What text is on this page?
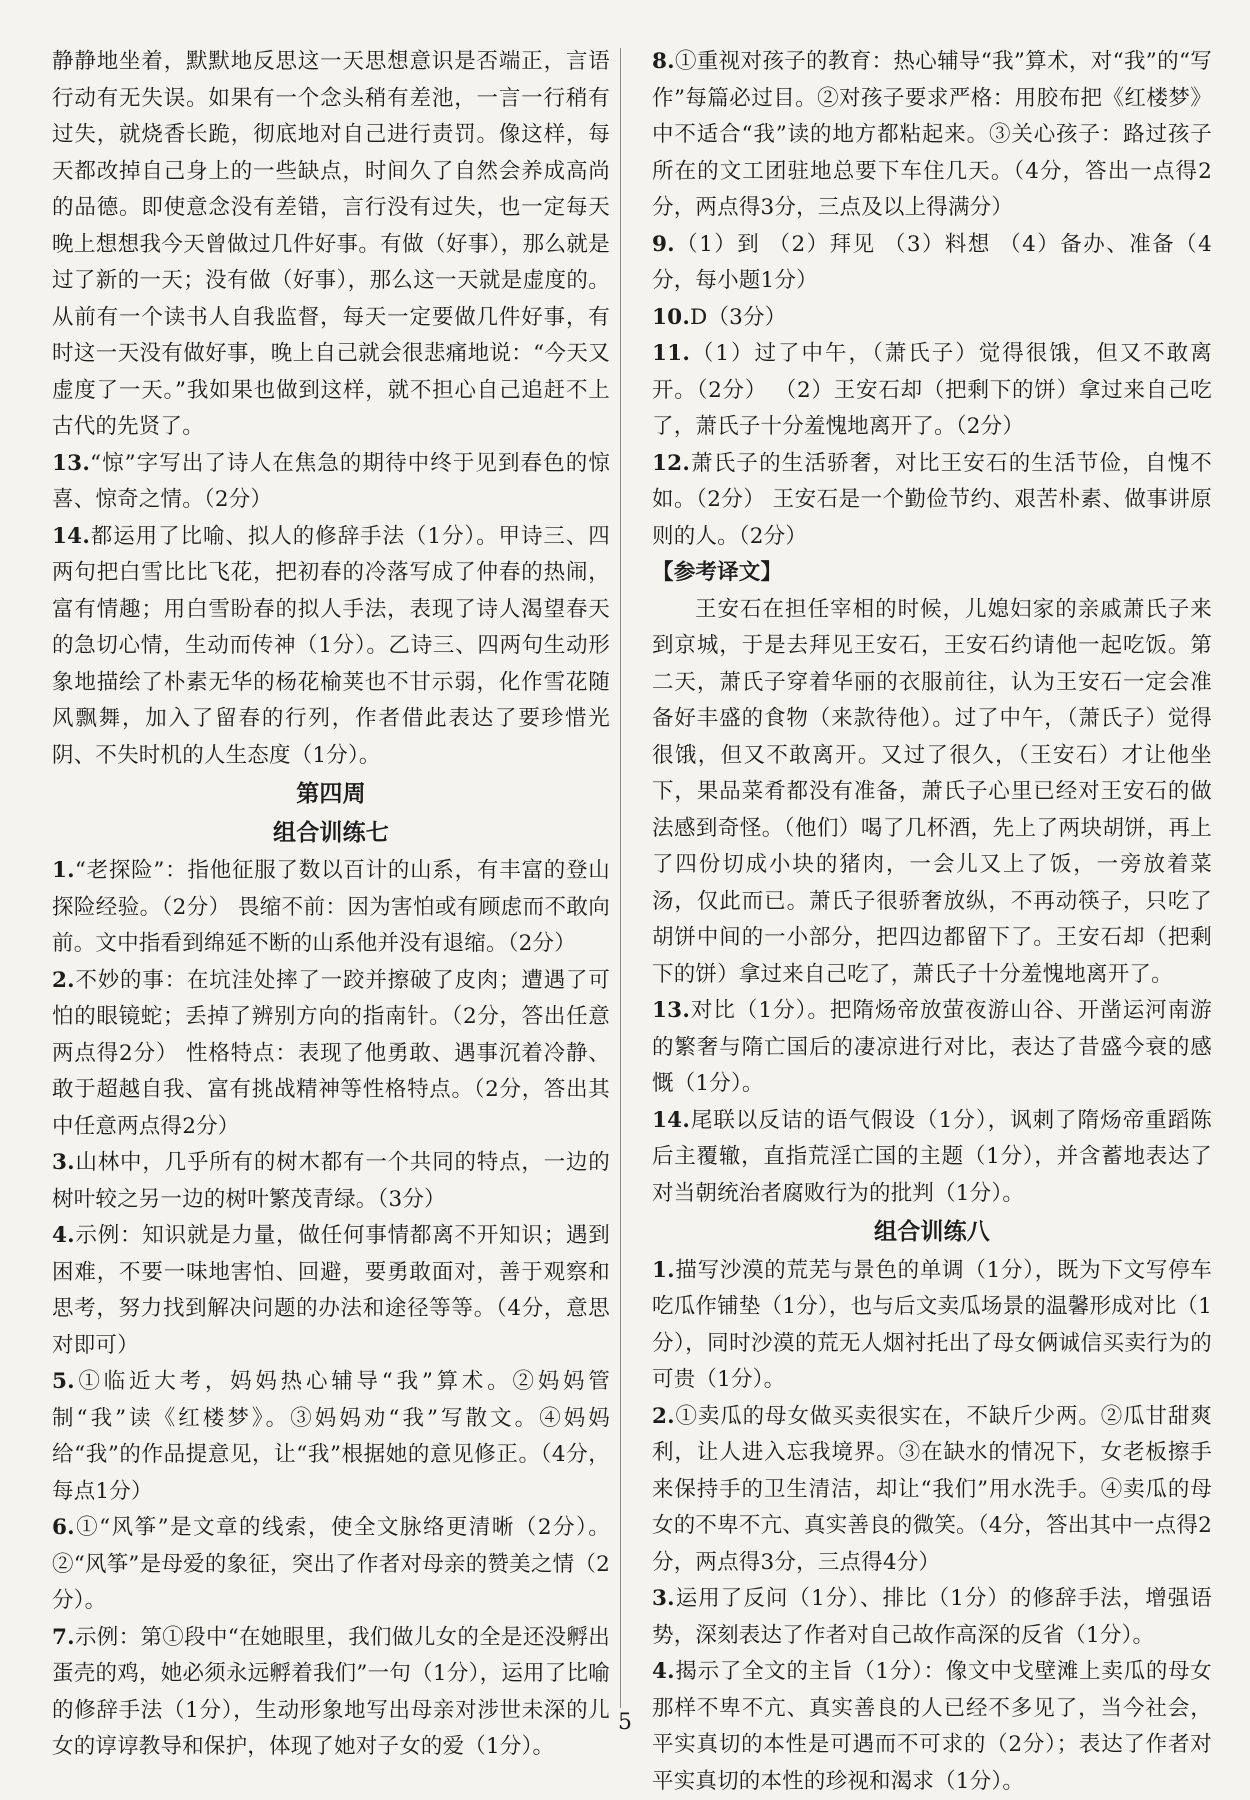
静静地坐着，默默地反思这一天思想意识是否端正，言语行动有无失误。如果有一个念头稍有差池，一言一行稍有过失，就烧香长跪，彻底地对自己进行责罚。像这样，每天都改掉自己身上的一些缺点，时间久了自然会养成高尚的品德。即使意念没有差错，言行没有过失，也一定每天晚上想想我今天曾做过几件好事。有做（好事），那么就是过了新的一天；没有做（好事），那么这一天就是虚度的。从前有一个读书人自我监督，每天一定要做几件好事，有时这一天没有做好事，晚上自己就会很悲痛地说：“今天又虚度了一天。”我如果也做到这样，就不担心自己追赶不上古代的先贤了。

13.“惊”字写出了诗人在焦急的期待中终于见到春色的惊喜、惊奇之情。（2分）

14.都运用了比喻、拟人的修辞手法（1分）。甲诗三、四两句把白雪比比飞花，把初春的冷落写成了仲春的热闹，富有情趣；用白雪盼春的拟人手法，表现了诗人渴望春天的急切心情，生动而传神（1分）。乙诗三、四两句生动形象地描绘了朴素无华的杨花榆荚也不甘示弱，化作雪花随风飘舞，加入了留春的行列，作者借此表达了要珍惜光阴、不失时机的人生态度（1分）。

第四周
组合训练七

1.“老探险”：指他征服了数以百计的山系，有丰富的登山探险经验。（2分） 畏缩不前：因为害怕或有顾虑而不敢向前。文中指看到绵延不断的山系他并没有退缩。（2分）

2.不妙的事：在坑洼处摔了一跤并擦破了皮肉；遭遇了可怕的眼镜蛇；丢掉了辨别方向的指南针。（2分，答出任意两点得2分） 性格特点：表现了他勇敢、遇事沉着冷静、敢于超越自我、富有挑战精神等性格特点。（2分，答出其中任意两点得2分）

3.山林中，几乎所有的树木都有一个共同的特点，一边的树叶较之另一边的树叶繁茂青绿。（3分）

4.示例：知识就是力量，做任何事情都离不开知识；遇到困难，不要一味地害怕、回避，要勇敢面对，善于观察和思考，努力找到解决问题的办法和途径等等。（4分，意思对即可）

5.①临近大考，妈妈热心辅导“我”算术。②妈妈管制“我”读《红楼梦》。③妈妈劝“我”写散文。④妈妈给“我”的作品提意见，让“我”根据她的意见修正。（4分，每点1分）

6.①“风筝”是文章的线索，使全文脉络更清晰（2分）。②“风筝”是母爱的象征，突出了作者对母亲的赞美之情（2分）。

7.示例：第①段中“在她眼里，我们做儿女的全是还没孵出蛋壳的鸡，她必须永远孵着我们”一句（1分），运用了比喻的修辞手法（1分），生动形象地写出母亲对涉世未深的儿女的谆谆教导和保护，体现了她对子女的爱（1分）。

8.①重视对孩子的教育：热心辅导“我”算术，对“我”的“写作”每篇必过目。②对孩子要求严格：用胶布把《红楼梦》中不适合“我”读的地方都粘起来。③关心孩子：路过孩子所在的文工团驻地总要下车住几天。（4分，答出一点得2分，两点得3分，三点及以上得满分）

9.（1）到 （2）拜见 （3）料想 （4）备办、准备（4分，每小题1分）

10.D（3分）

11.（1）过了中午，（萧氏子）觉得很饿，但又不敢离开。（2分） （2）王安石却（把剩下的饼）拿过来自己吃了，萧氏子十分羞愧地离开了。（2分）

12.萧氏子的生活骄奢，对比王安石的生活节俭，自愧不如。（2分） 王安石是一个勤俭节约、艰苦朴素、做事讲原则的人。（2分）

【参考译文】

王安石在担任宰相的时候，儿媳妇家的亲戚萧氏子来到京城，于是去拜见王安石，王安石约请他一起吃饭。第二天，萧氏子穿着华丽的衣服前往，认为王安石一定会准备好丰盛的食物（来款待他）。过了中午，（萧氏子）觉得很饿，但又不敢离开。又过了很久，（王安石）才让他坐下，果品菜肴都没有准备，萧氏子心里已经对王安石的做法感到奇怪。（他们）喝了几杯酒，先上了两块胡饼，再上了四份切成小块的猪肉，一会儿又上了饭，一旁放着菜汤，仅此而已。萧氏子很骄奢放纵，不再动筷子，只吃了胡饼中间的一小部分，把四边都留下了。王安石却（把剩下的饼）拿过来自己吃了，萧氏子十分羞愧地离开了。

13.对比（1分）。把隋炀帝放萤夜游山谷、开凿运河南游的繁奢与隋亡国后的凄凉进行对比，表达了昔盛今衰的感慨（1分）。

14.尾联以反诘的语气假设（1分），讽刺了隋炀帝重蹈陈后主覆辙，直指荒淫亡国的主题（1分），并含蓄地表达了对当朝统治者腐败行为的批判（1分）。

组合训练八

1.描写沙漠的荒芜与景色的单调（1分），既为下文写停车吃瓜作铺垫（1分），也与后文卖瓜场景的温馨形成对比（1分），同时沙漠的荒无人烟衬托出了母女俩诚信买卖行为的可贵（1分）。

2.①卖瓜的母女做买卖很实在，不缺斤少两。②瓜甘甜爽利，让人进入忘我境界。③在缺水的情况下，女老板擦手来保持手的卫生清洁，却让“我们”用水洗手。④卖瓜的母女的不卑不亢、真实善良的微笑。（4分，答出其中一点得2分，两点得3分，三点得4分）

3.运用了反问（1分）、排比（1分）的修辞手法，增强语势，深刻表达了作者对自己故作高深的反省（1分）。

4.揭示了全文的主旨（1分）：像文中戈壁滩上卖瓜的母女那样不卑不亢、真实善良的人已经不多见了，当今社会，平实真切的本性是可遇而不可求的（2分）；表达了作者对平实真切的本性的珍视和渴求（1分）。

5
